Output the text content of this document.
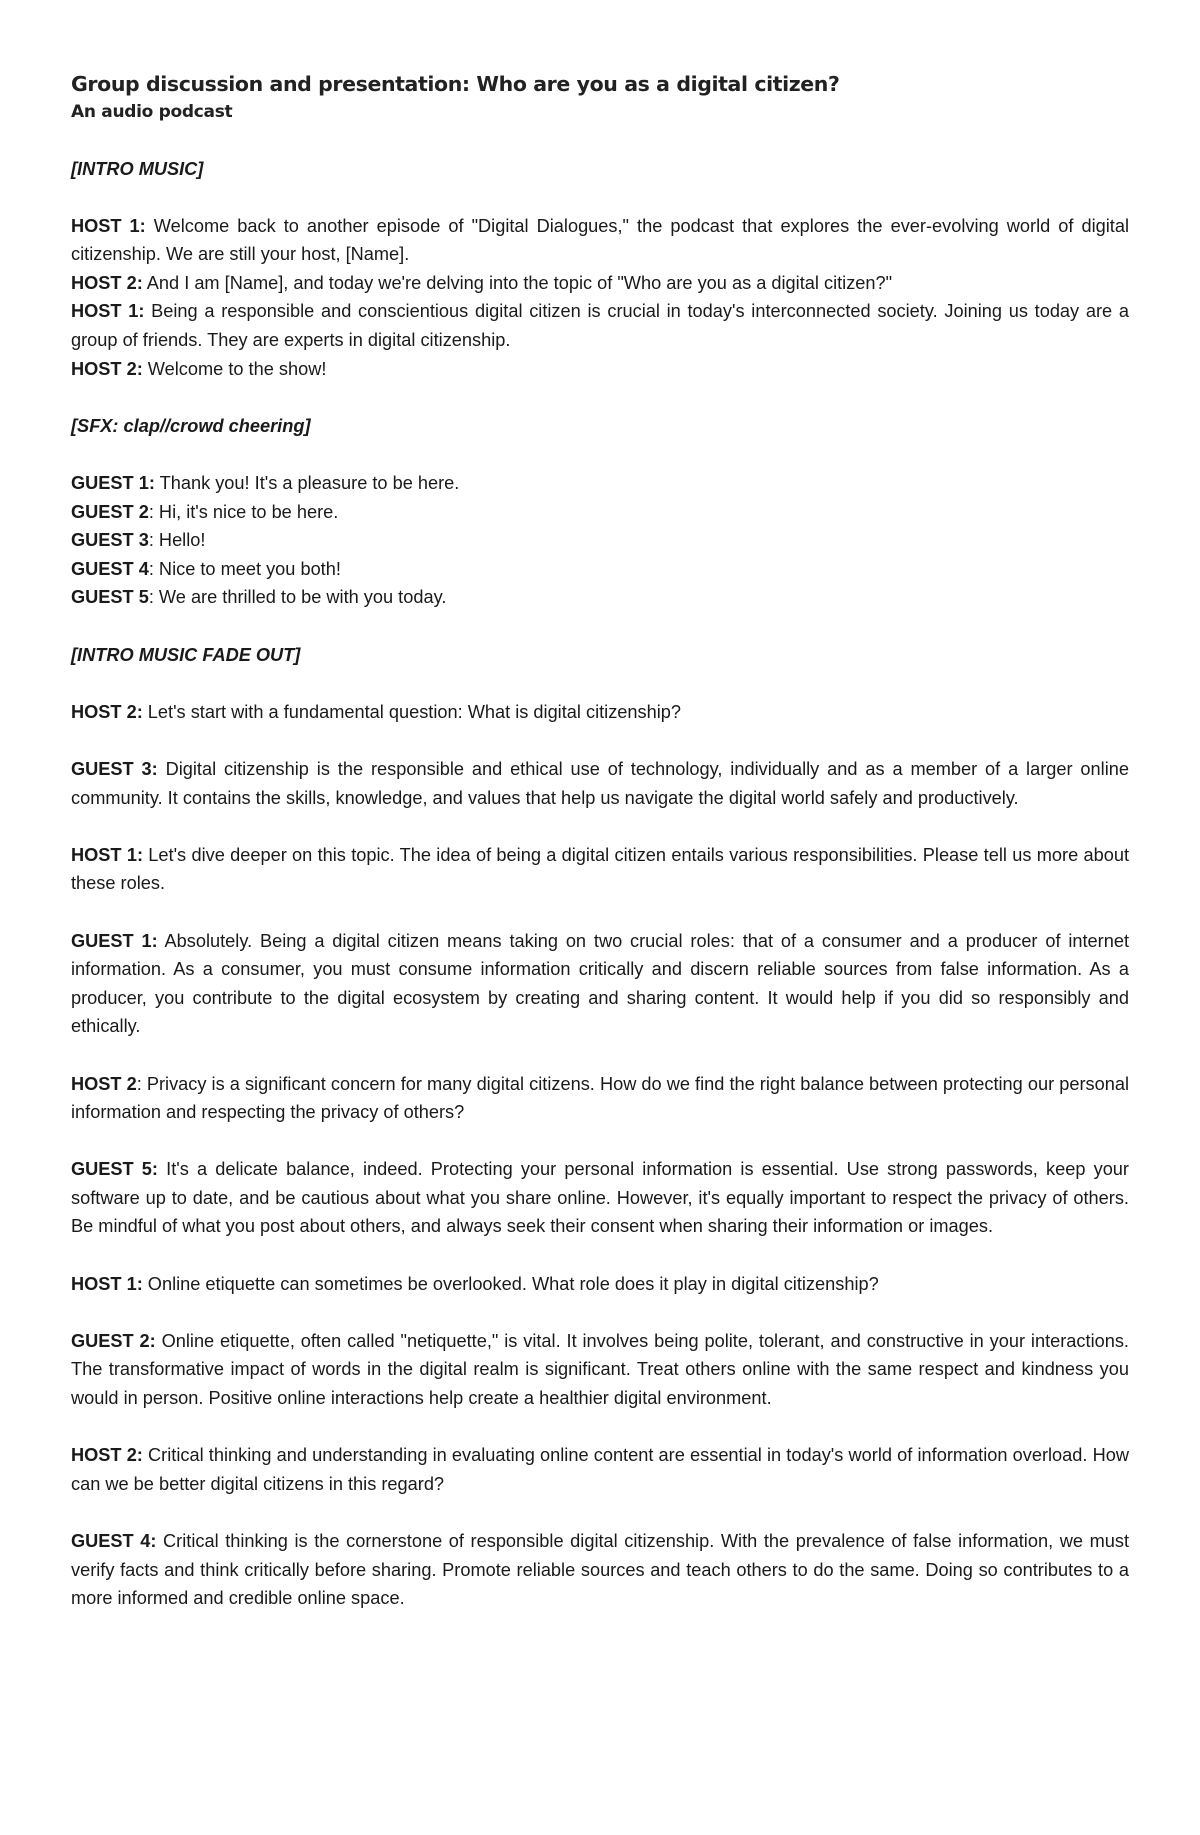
Group discussion and presentation: Who are you as a digital citizen?
An audio podcast
[INTRO MUSIC]
HOST 1: Welcome back to another episode of "Digital Dialogues," the podcast that explores the ever-evolving world of digital citizenship. We are still your host, [Name].
HOST 2: And I am [Name], and today we're delving into the topic of "Who are you as a digital citizen?"
HOST 1: Being a responsible and conscientious digital citizen is crucial in today's interconnected society. Joining us today are a group of friends. They are experts in digital citizenship.
HOST 2: Welcome to the show!
[SFX: clap//crowd cheering]
GUEST 1: Thank you! It's a pleasure to be here.
GUEST 2: Hi, it's nice to be here.
GUEST 3: Hello!
GUEST 4: Nice to meet you both!
GUEST 5: We are thrilled to be with you today.
[INTRO MUSIC FADE OUT]
HOST 2: Let's start with a fundamental question: What is digital citizenship?
GUEST 3: Digital citizenship is the responsible and ethical use of technology, individually and as a member of a larger online community. It contains the skills, knowledge, and values that help us navigate the digital world safely and productively.
HOST 1: Let's dive deeper on this topic. The idea of being a digital citizen entails various responsibilities. Please tell us more about these roles.
GUEST 1: Absolutely. Being a digital citizen means taking on two crucial roles: that of a consumer and a producer of internet information. As a consumer, you must consume information critically and discern reliable sources from false information. As a producer, you contribute to the digital ecosystem by creating and sharing content. It would help if you did so responsibly and ethically.
HOST 2: Privacy is a significant concern for many digital citizens. How do we find the right balance between protecting our personal information and respecting the privacy of others?
GUEST 5: It's a delicate balance, indeed. Protecting your personal information is essential. Use strong passwords, keep your software up to date, and be cautious about what you share online. However, it's equally important to respect the privacy of others. Be mindful of what you post about others, and always seek their consent when sharing their information or images.
HOST 1: Online etiquette can sometimes be overlooked. What role does it play in digital citizenship?
GUEST 2: Online etiquette, often called "netiquette," is vital. It involves being polite, tolerant, and constructive in your interactions. The transformative impact of words in the digital realm is significant. Treat others online with the same respect and kindness you would in person. Positive online interactions help create a healthier digital environment.
HOST 2: Critical thinking and understanding in evaluating online content are essential in today's world of information overload. How can we be better digital citizens in this regard?
GUEST 4: Critical thinking is the cornerstone of responsible digital citizenship. With the prevalence of false information, we must verify facts and think critically before sharing. Promote reliable sources and teach others to do the same. Doing so contributes to a more informed and credible online space.
